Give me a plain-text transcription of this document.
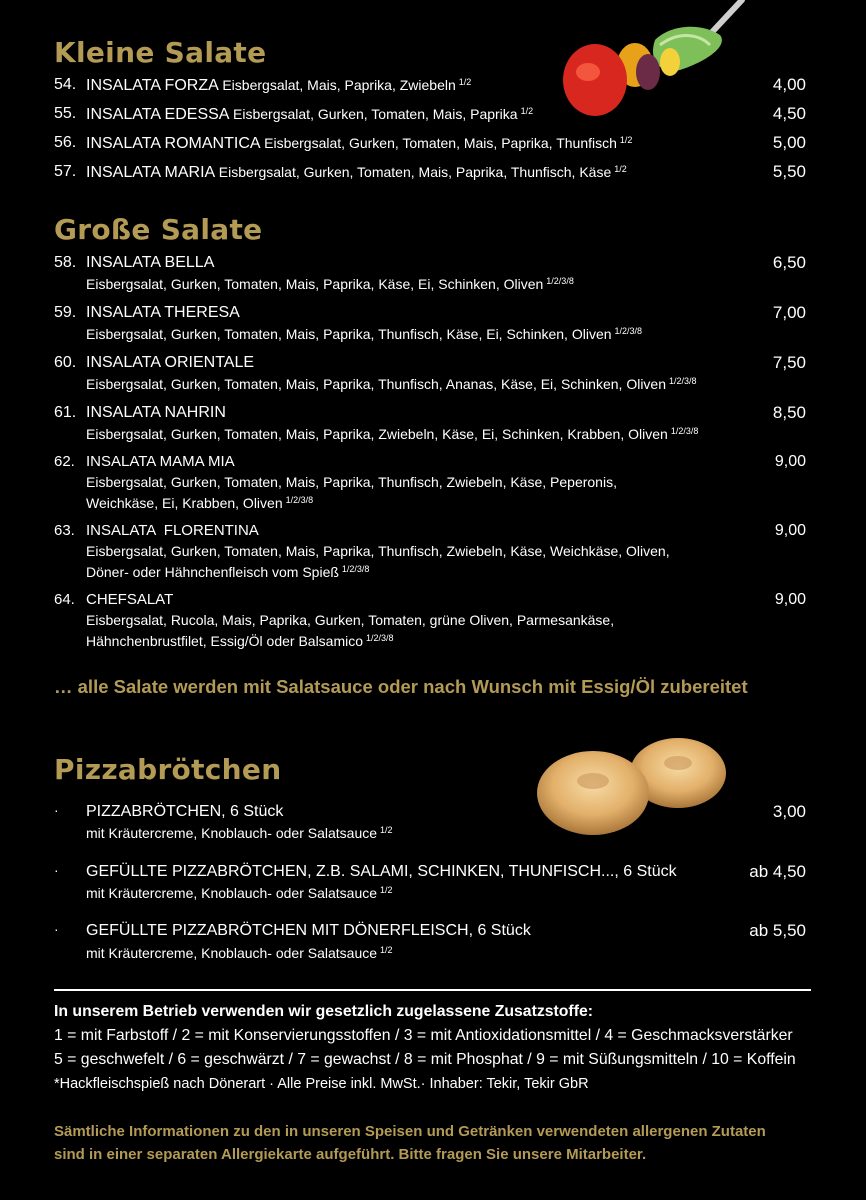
Kleine Salate
54. INSALATA FORZA Eisbergsalat, Mais, Paprika, Zwiebeln $^{1/2}$	4,00
55. INSALATA EDESSA Eisbergsalat, Gurken, Tomaten, Mais, Paprika $^{1/2}$	4,50
56. INSALATA ROMANTICA Eisbergsalat, Gurken, Tomaten, Mais, Paprika, Thunfisch $^{1/2}$	5,00
57. INSALATA MARIA Eisbergsalat, Gurken, Tomaten, Mais, Paprika, Thunfisch, Käse $^{1/2}$	5,50
Große Salate
58. INSALATA BELLA	6,50
Eisbergsalat, Gurken, Tomaten, Mais, Paprika, Käse, Ei, Schinken, Oliven $^{1/2/3/8}$
59. INSALATA THERESA	7,00
Eisbergsalat, Gurken, Tomaten, Mais, Paprika, Thunfisch, Käse, Ei, Schinken, Oliven $^{1/2/3/8}$
60. INSALATA ORIENTALE	7,50
Eisbergsalat, Gurken, Tomaten, Mais, Paprika, Thunfisch, Ananas, Käse, Ei, Schinken, Oliven $^{1/2/3/8}$
61. INSALATA NAHRIN	8,50
Eisbergsalat, Gurken, Tomaten, Mais, Paprika, Zwiebeln, Käse, Ei, Schinken, Krabben, Oliven $^{1/2/3/8}$
62. INSALATA MAMA MIA	9,00
Eisbergsalat, Gurken, Tomaten, Mais, Paprika, Thunfisch, Zwiebeln, Käse, Peperonis,
Weichkäse, Ei, Krabben, Oliven $^{1/2/3/8}$
63. INSALATA  FLORENTINA	9,00
Eisbergsalat, Gurken, Tomaten, Mais, Paprika, Thunfisch, Zwiebeln, Käse, Weichkäse, Oliven,
Döner- oder Hähnchenfleisch vom Spieß $^{1/2/3/8}$
64. CHEFSALAT	9,00
Eisbergsalat, Rucola, Mais, Paprika, Gurken, Tomaten, grüne Oliven, Parmesankäse,
Hähnchenbrustfilet, Essig/Öl oder Balsamico $^{1/2/3/8}$
… alle Salate werden mit Salatsauce oder nach Wunsch mit Essig/Öl zubereitet
Pizzabrötchen
· PIZZABRÖTCHEN, 6 Stück	3,00
mit Kräutercreme, Knoblauch- oder Salatsauce $^{1/2}$
· GEFÜLLTE PIZZABRÖTCHEN, Z.B. SALAMI, SCHINKEN, THUNFISCH..., 6 Stück	ab 4,50
mit Kräutercreme, Knoblauch- oder Salatsauce $^{1/2}$
· GEFÜLLTE PIZZABRÖTCHEN MIT DÖNERFLEISCH, 6 Stück	ab 5,50
mit Kräutercreme, Knoblauch- oder Salatsauce $^{1/2}$
In unserem Betrieb verwenden wir gesetzlich zugelassene Zusatzstoffe:
1 = mit Farbstoff / 2 = mit Konservierungsstoffen / 3 = mit Antioxidationsmittel / 4 = Geschmacksverstärker
5 = geschwefelt / 6 = geschwärzt / 7 = gewachst / 8 = mit Phosphat / 9 = mit Süßungsmitteln / 10 = Koffein
*Hackfleischspieß nach Dönerart · Alle Preise inkl. MwSt.· Inhaber: Tekir, Tekir GbR
Sämtliche Informationen zu den in unseren Speisen und Getränken verwendeten allergenen Zutaten
sind in einer separaten Allergiekarte aufgeführt. Bitte fragen Sie unsere Mitarbeiter.
